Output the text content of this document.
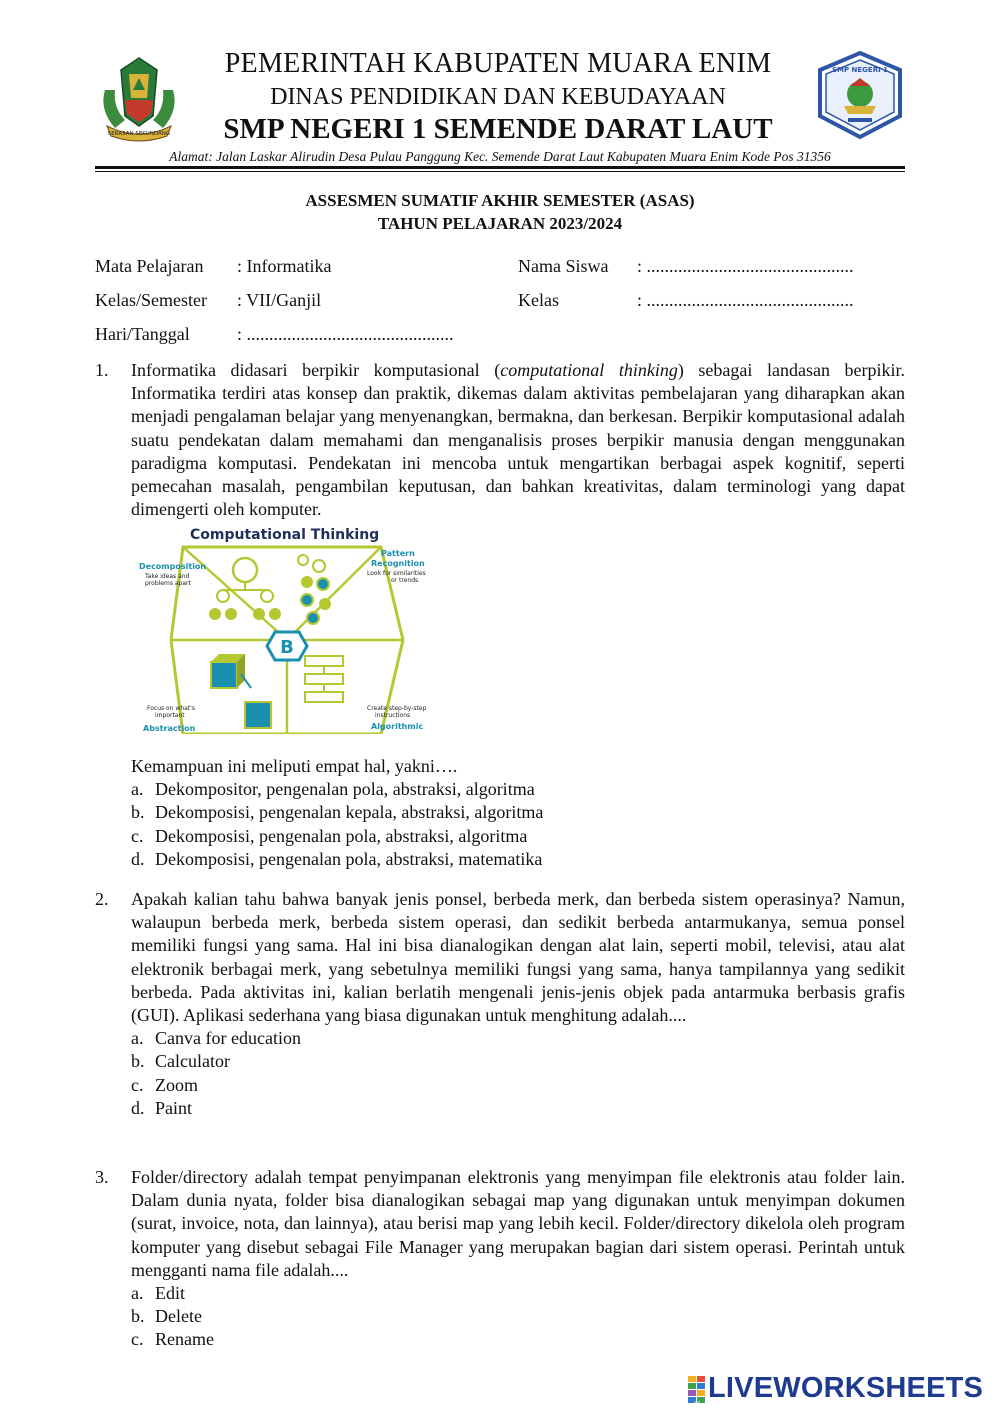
SERASAN SEKUNDANG
PEMERINTAH KABUPATEN MUARA ENIM
DINAS PENDIDIKAN DAN KEBUDAYAAN
SMP NEGERI 1 SEMENDE DARAT LAUT
SMP NEGERI 1
Alamat: Jalan Laskar Alirudin Desa Pulau Panggung Kec. Semende Darat Laut Kabupaten Muara Enim Kode Pos 31356
ASSESMEN SUMATIF AKHIR SEMESTER (ASAS)
TAHUN PELAJARAN 2023/2024
Mata Pelajaran : Informatika
Kelas/Semester : VII/Ganjil
Hari/Tanggal	: ..............................................
Nama Siswa : ..............................................
Kelas	: ..............................................
1. Informatika didasari berpikir komputasional (computational thinking) sebagai landasan berpikir. Informatika terdiri atas konsep dan praktik, dikemas dalam aktivitas pembelajaran yang diharapkan akan menjadi pengalaman belajar yang menyenangkan, bermakna, dan berkesan. Berpikir komputasional adalah suatu pendekatan dalam memahami dan menganalisis proses berpikir manusia dengan menggunakan paradigma komputasi. Pendekatan ini mencoba untuk mengartikan berbagai aspek kognitif, seperti pemecahan masalah, pengambilan keputusan, dan bahkan kreativitas, dalam terminologi yang dapat dimengerti oleh komputer.
Computational Thinking
B
Decomposition
Take ideas and
problems apart
Pattern
Recognition
Look for similarities
or trends
Focus on what's
important
Abstraction
Create step-by-step
instructions
Algorithmic
Kemampuan ini meliputi empat hal, yakni….
a. Dekompositor, pengenalan pola, abstraksi, algoritma
b. Dekomposisi, pengenalan kepala, abstraksi, algoritma
c. Dekomposisi, pengenalan pola, abstraksi, algoritma
d. Dekomposisi, pengenalan pola, abstraksi, matematika
2. Apakah kalian tahu bahwa banyak jenis ponsel, berbeda merk, dan berbeda sistem operasinya? Namun, walaupun berbeda merk, berbeda sistem operasi, dan sedikit berbeda antarmukanya, semua ponsel memiliki fungsi yang sama. Hal ini bisa dianalogikan dengan alat lain, seperti mobil, televisi, atau alat elektronik berbagai merk, yang sebetulnya memiliki fungsi yang sama, hanya tampilannya yang sedikit berbeda. Pada aktivitas ini, kalian berlatih mengenali jenis-jenis objek pada antarmuka berbasis grafis (GUI). Aplikasi sederhana yang biasa digunakan untuk menghitung adalah....
a. Canva for education
b. Calculator
c. Zoom
d. Paint
3. Folder/directory adalah tempat penyimpanan elektronis yang menyimpan file elektronis atau folder lain. Dalam dunia nyata, folder bisa dianalogikan sebagai map yang digunakan untuk menyimpan dokumen (surat, invoice, nota, dan lainnya), atau berisi map yang lebih kecil. Folder/directory dikelola oleh program komputer yang disebut sebagai File Manager yang merupakan bagian dari sistem operasi. Perintah untuk mengganti nama file adalah....
a. Edit
b. Delete
c. Rename
LIVE LIVEWORKSHEETS
